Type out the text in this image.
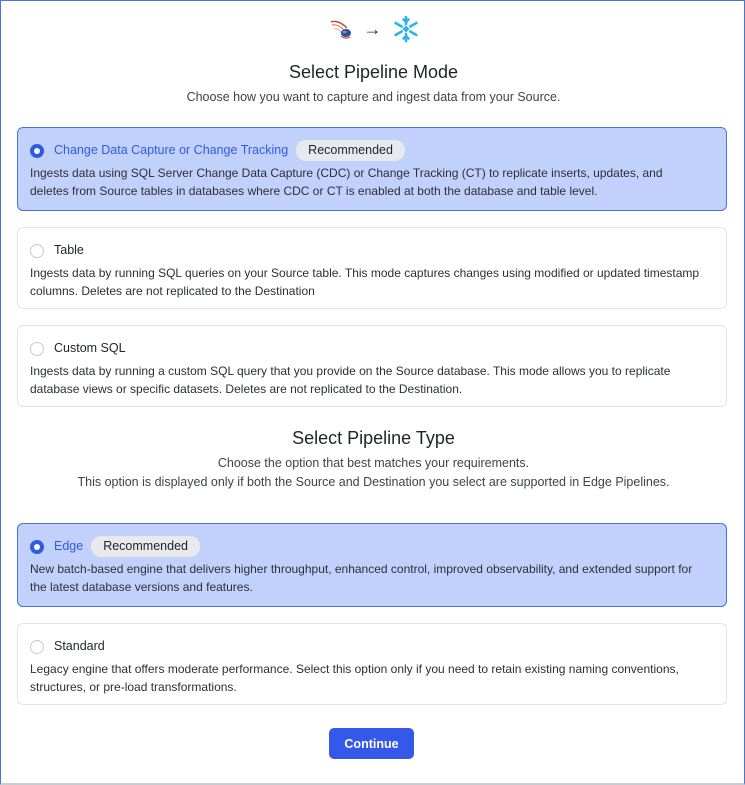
→
Select Pipeline Mode
Choose how you want to capture and ingest data from your Source.
Change Data Capture or Change Tracking	Recommended
Ingests data using SQL Server Change Data Capture (CDC) or Change Tracking (CT) to replicate inserts, updates, and deletes from Source tables in databases where CDC or CT is enabled at both the database and table level.
Table
Ingests data by running SQL queries on your Source table. This mode captures changes using modified or updated timestamp columns. Deletes are not replicated to the Destination
Custom SQL
Ingests data by running a custom SQL query that you provide on the Source database. This mode allows you to replicate database views or specific datasets. Deletes are not replicated to the Destination.
Select Pipeline Type
Choose the option that best matches your requirements.
This option is displayed only if both the Source and Destination you select are supported in Edge Pipelines.
Edge	Recommended
New batch-based engine that delivers higher throughput, enhanced control, improved observability, and extended support for the latest database versions and features.
Standard
Legacy engine that offers moderate performance. Select this option only if you need to retain existing naming conventions, structures, or pre-load transformations.
Continue
